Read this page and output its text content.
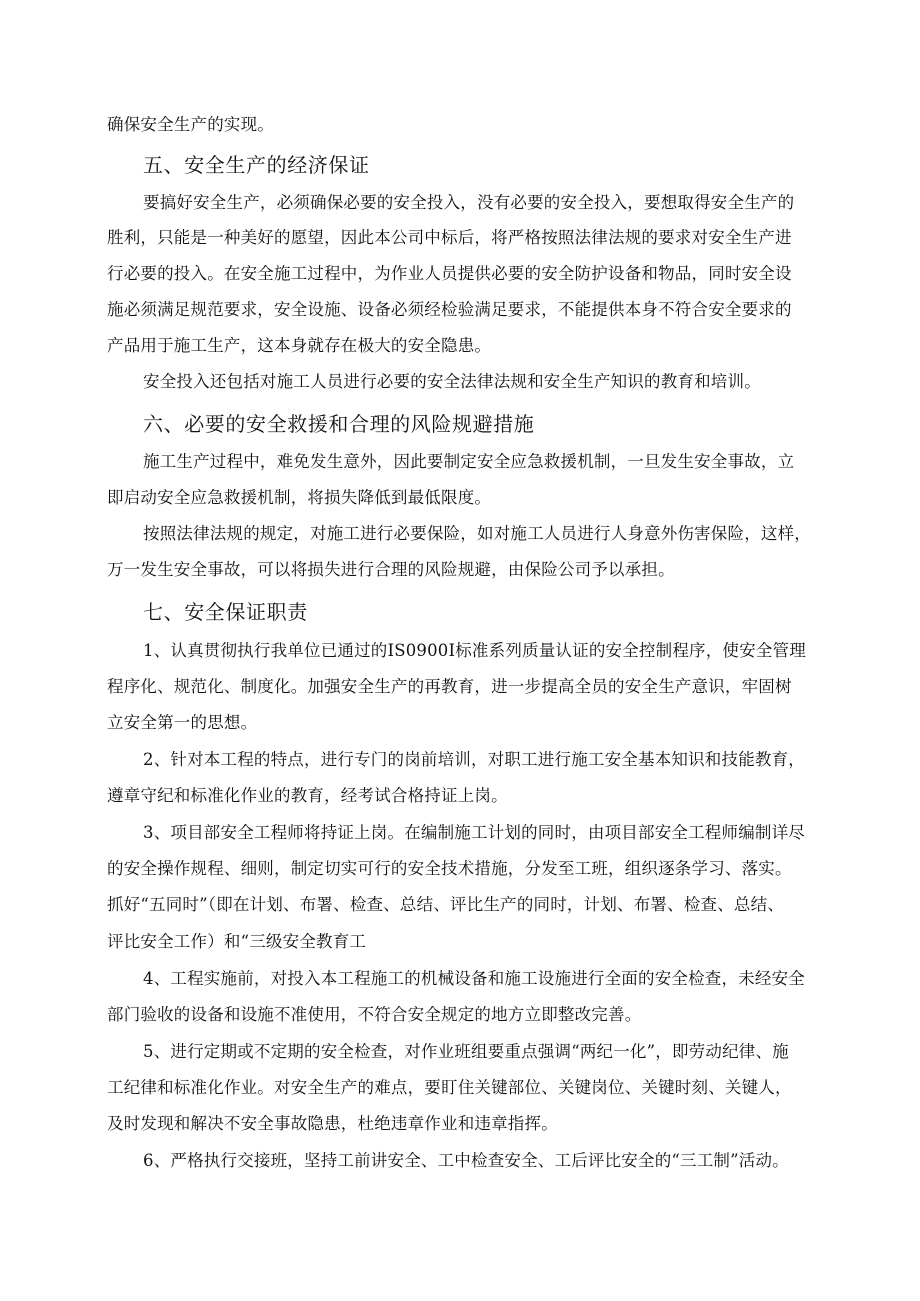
确保安全生产的实现。
五、安全生产的经济保证
要搞好安全生产，必须确保必要的安全投入，没有必要的安全投入，要想取得安全生产的
胜利，只能是一种美好的愿望，因此本公司中标后，将严格按照法律法规的要求对安全生产进
行必要的投入。在安全施工过程中，为作业人员提供必要的安全防护设备和物品，同时安全设
施必须满足规范要求，安全设施、设备必须经检验满足要求，不能提供本身不符合安全要求的
产品用于施工生产，这本身就存在极大的安全隐患。
安全投入还包括对施工人员进行必要的安全法律法规和安全生产知识的教育和培训。
六、必要的安全救援和合理的风险规避措施
施工生产过程中，难免发生意外，因此要制定安全应急救援机制，一旦发生安全事故，立
即启动安全应急救援机制，将损失降低到最低限度。
按照法律法规的规定，对施工进行必要保险，如对施工人员进行人身意外伤害保险，这样，
万一发生安全事故，可以将损失进行合理的风险规避，由保险公司予以承担。
七、安全保证职责
1、认真贯彻执行我单位已通过的IS0900I标准系列质量认证的安全控制程序，使安全管理
程序化、规范化、制度化。加强安全生产的再教育，进一步提高全员的安全生产意识，牢固树
立安全第一的思想。
2、针对本工程的特点，进行专门的岗前培训，对职工进行施工安全基本知识和技能教育，
遵章守纪和标准化作业的教育，经考试合格持证上岗。
3、项目部安全工程师将持证上岗。在编制施工计划的同时，由项目部安全工程师编制详尽
的安全操作规程、细则，制定切实可行的安全技术措施，分发至工班，组织逐条学习、落实。
抓好“五同时”（即在计划、布署、检查、总结、评比生产的同时，计划、布署、检查、总结、
评比安全工作）和“三级安全教育工
4、工程实施前，对投入本工程施工的机械设备和施工设施进行全面的安全检查，未经安全
部门验收的设备和设施不准使用，不符合安全规定的地方立即整改完善。
5、进行定期或不定期的安全检查，对作业班组要重点强调“两纪一化”，即劳动纪律、施
工纪律和标准化作业。对安全生产的难点，要盯住关键部位、关键岗位、关键时刻、关键人，
及时发现和解决不安全事故隐患，杜绝违章作业和违章指挥。
6、严格执行交接班，坚持工前讲安全、工中检查安全、工后评比安全的“三工制”活动。
